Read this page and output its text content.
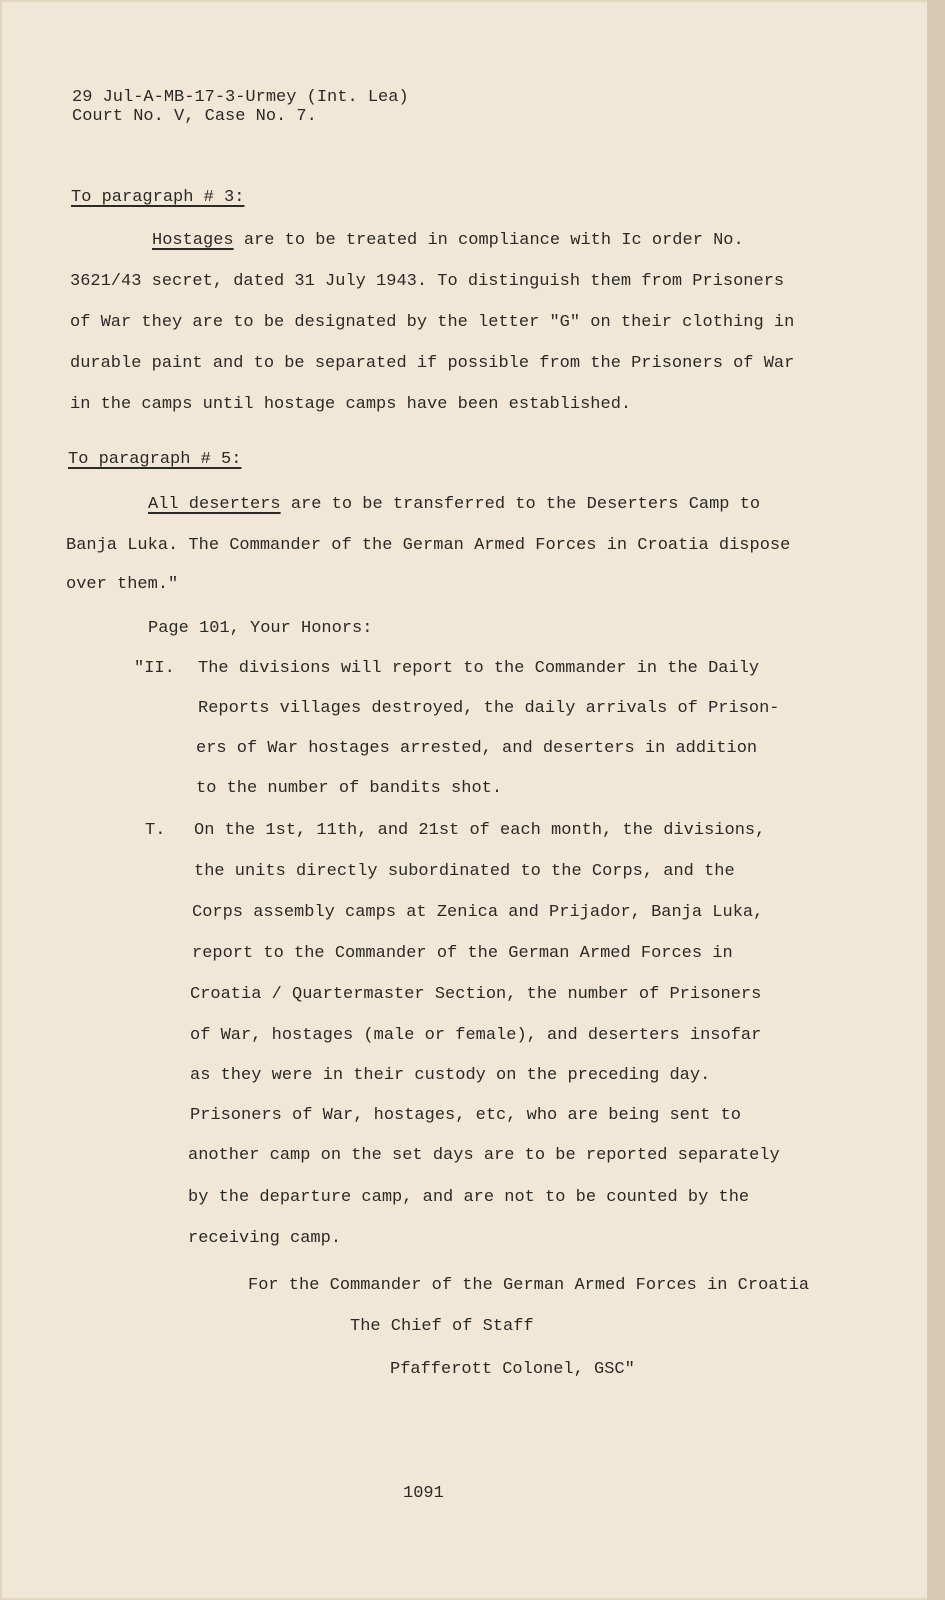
29 Jul-A-MB-17-3-Urmey (Int. Lea)
Court No. V, Case No. 7.
To paragraph # 3:
Hostages are to be treated in compliance with Ic order No.
3621/43 secret, dated 31 July 1943. To distinguish them from Prisoners
of War they are to be designated by the letter "G" on their clothing in
durable paint and to be separated if possible from the Prisoners of War
in the camps until hostage camps have been established.
To paragraph # 5:
All deserters are to be transferred to the Deserters Camp to
Banja Luka. The Commander of the German Armed Forces in Croatia dispose
over them."
Page 101, Your Honors:
"II. The divisions will report to the Commander in the Daily
Reports villages destroyed, the daily arrivals of Prison-
ers of War hostages arrested, and deserters in addition
to the number of bandits shot.
T. On the 1st, 11th, and 21st of each month, the divisions,
the units directly subordinated to the Corps, and the
Corps assembly camps at Zenica and Prijador, Banja Luka,
report to the Commander of the German Armed Forces in
Croatia / Quartermaster Section, the number of Prisoners
of War, hostages (male or female), and deserters insofar
as they were in their custody on the preceding day.
Prisoners of War, hostages, etc, who are being sent to
another camp on the set days are to be reported separately
by the departure camp, and are not to be counted by the
receiving camp.
For the Commander of the German Armed Forces in Croatia
The Chief of Staff
Pfafferott Colonel, GSC"
1091
